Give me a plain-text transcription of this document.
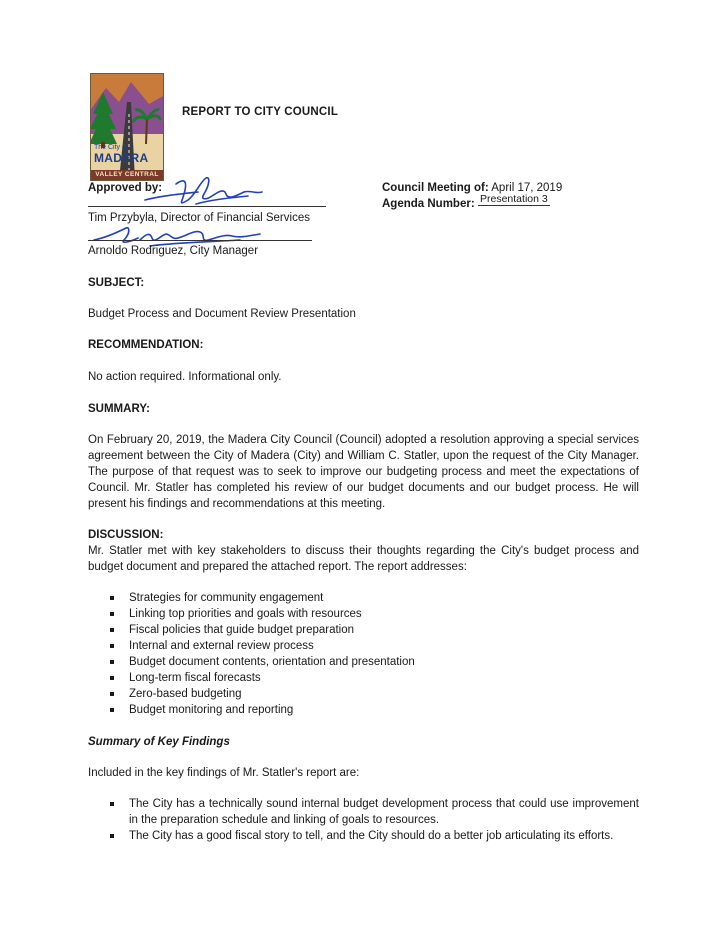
The City of
MADERA
VALLEY CENTRAL
REPORT TO CITY COUNCIL
Approved by:
Tim Przybyla, Director of Financial Services
Arnoldo Rodriguez, City Manager
Council Meeting of: April 17, 2019
Agenda Number: Presentation 3
SUBJECT:
Budget Process and Document Review Presentation
RECOMMENDATION:
No action required. Informational only.
SUMMARY:
On February 20, 2019, the Madera City Council (Council) adopted a resolution approving a special services agreement between the City of Madera (City) and William C. Statler, upon the request of the City Manager. The purpose of that request was to seek to improve our budgeting process and meet the expectations of Council. Mr. Statler has completed his review of our budget documents and our budget process. He will present his findings and recommendations at this meeting.
DISCUSSION:
Mr. Statler met with key stakeholders to discuss their thoughts regarding the City's budget process and budget document and prepared the attached report. The report addresses:
Strategies for community engagement
Linking top priorities and goals with resources
Fiscal policies that guide budget preparation
Internal and external review process
Budget document contents, orientation and presentation
Long-term fiscal forecasts
Zero-based budgeting
Budget monitoring and reporting
Summary of Key Findings
Included in the key findings of Mr. Statler's report are:
The City has a technically sound internal budget development process that could use improvement in the preparation schedule and linking of goals to resources.
The City has a good fiscal story to tell, and the City should do a better job articulating its efforts.
